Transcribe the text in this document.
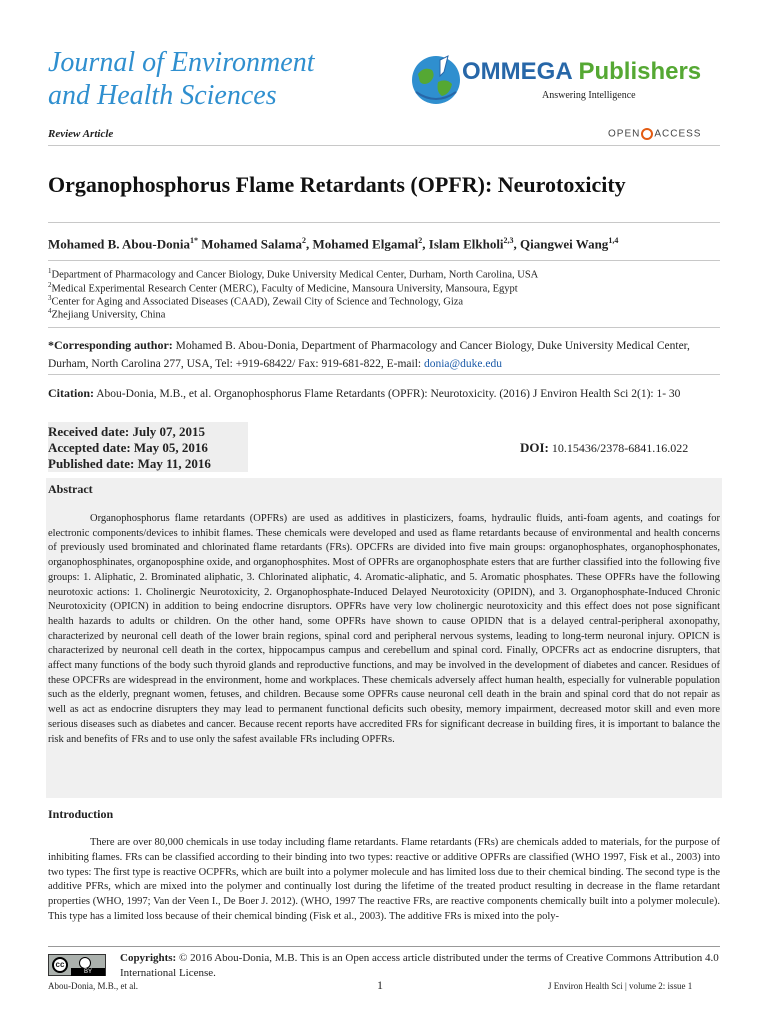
Journal of Environment
and Health Sciences
OMMEGA Publishers
Answering Intelligence
Review Article	OPEN ACCESS
Organophosphorus Flame Retardants (OPFR): Neurotoxicity
Mohamed B. Abou-Donia$^{1*}$ Mohamed Salama$^2$, Mohamed Elgamal$^2$, Islam Elkholi$^{2,3}$, Qiangwei Wang$^{1,4}$
$^1$Department of Pharmacology and Cancer Biology, Duke University Medical Center, Durham, North Carolina, USA
$^2$Medical Experimental Research Center (MERC), Faculty of Medicine, Mansoura University, Mansoura, Egypt
$^3$Center for Aging and Associated Diseases (CAAD), Zewail City of Science and Technology, Giza
$^4$Zhejiang University, China
*Corresponding author: Mohamed B. Abou-Donia, Department of Pharmacology and Cancer Biology, Duke University Medical Center, Durham, North Carolina 277, USA, Tel: +919-68422/ Fax: 919-681-822, E-mail: donia@duke.edu
Citation: Abou-Donia, M.B., et al. Organophosphorus Flame Retardants (OPFR): Neurotoxicity. (2016) J Environ Health Sci 2(1): 1- 30
Received date: July 07, 2015
Accepted date: May 05, 2016
Published date: May 11, 2016
DOI: 10.15436/2378-6841.16.022
Abstract
Organophosphorus flame retardants (OPFRs) are used as additives in plasticizers, foams, hydraulic fluids, anti-foam agents, and coatings for electronic components/devices to inhibit flames. These chemicals were developed and used as flame retardants because of environmental and health concerns of previously used brominated and chlorinated flame retardants (FRs). OPCFRs are divided into five main groups: organophosphates, organophosphonates, organophosphinates, organoposphine oxide, and organophosphites. Most of OPFRs are organophosphate esters that are further classified into the following five groups: 1. Aliphatic, 2. Brominated aliphatic, 3. Chlorinated aliphatic, 4. Aromatic-aliphatic, and 5. Aromatic phosphates. These OPFRs have the following neurotoxic actions: 1. Cholinergic Neurotoxicity, 2. Organophosphate-Induced Delayed Neurotoxicity (OPIDN), and 3. Organophosphate-Induced Chronic Neurotoxicity (OPICN) in addition to being endocrine disruptors. OPFRs have very low cholinergic neurotoxicity and this effect does not pose significant health hazards to adults or children. On the other hand, some OPFRs have shown to cause OPIDN that is a delayed central-peripheral axonopathy, characterized by neuronal cell death of the lower brain regions, spinal cord and peripheral nervous systems, leading to long-term neuronal injury. OPICN is characterized by neuronal cell death in the cortex, hippocampus campus and cerebellum and spinal cord. Finally, OPCFRs act as endocrine disrupters, that affect many functions of the body such thyroid glands and reproductive functions, and may be involved in the development of diabetes and cancer. Residues of these OPCFRs are widespread in the environment, home and workplaces. These chemicals adversely affect human health, especially for vulnerable population such as the elderly, pregnant women, fetuses, and children. Because some OPFRs cause neuronal cell death in the brain and spinal cord that do not repair as well as act as endocrine disrupters they may lead to permanent functional deficits such obesity, memory impairment, decreased motor skill and even more serious diseases such as diabetes and cancer. Because recent reports have accredited FRs for significant decrease in building fires, it is important to balance the risk and benefits of FRs and to use only the safest available FRs including OPFRs.
Introduction
There are over 80,000 chemicals in use today including flame retardants. Flame retardants (FRs) are chemicals added to materials, for the purpose of inhibiting flames. FRs can be classified according to their binding into two types: reactive or additive OPFRs are classified (WHO 1997, Fisk et al., 2003) into two types: The first type is reactive OCPFRs, which are built into a polymer molecule and has limited loss due to their chemical binding. The second type is the additive PFRs, which are mixed into the polymer and continually lost during the lifetime of the treated product resulting in decrease in the flame retardant properties (WHO, 1997; Van der Veen I., De Boer J. 2012). (WHO, 1997 The reactive FRs, are reactive components chemically built into a polymer molecule). This type has a limited loss because of their chemical binding (Fisk et al., 2003). The additive FRs is mixed into the poly-
cc
BY
Copyrights: © 2016 Abou-Donia, M.B. This is an Open access article distributed under the terms of Creative Commons Attribution 4.0 International License.
Abou-Donia, M.B., et al.	1	J Environ Health Sci | volume 2: issue 1
